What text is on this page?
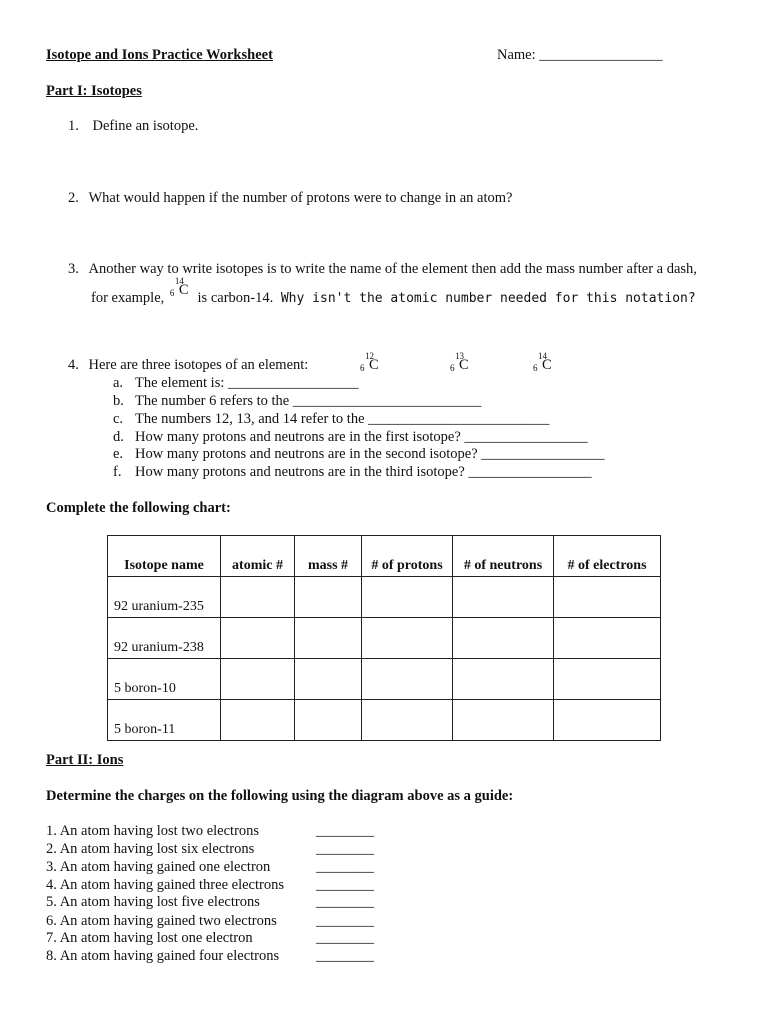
Isotope and Ions Practice Worksheet	Name: _________________
Part I: Isotopes
1. Define an isotope.
2. What would happen if the number of protons were to change in an atom?
3. Another way to write isotopes is to write the name of the element then add the mass number after a dash,
for example,
14
6 C is carbon-14. Why isn't the atomic number needed for this notation?
4. Here are three isotopes of an element:
12
6 C
13
6 C
14
6 C
a. The element is: __________________
b. The number 6 refers to the __________________________
c. The numbers 12, 13, and 14 refer to the _________________________
d. How many protons and neutrons are in the first isotope? _________________
e. How many protons and neutrons are in the second isotope? _________________
f. How many protons and neutrons are in the third isotope? _________________
Complete the following chart:
Isotope name	atomic #	mass #	# of protons	# of neutrons	# of electrons
92 uranium-235					
92 uranium-238					
5 boron-10					
5 boron-11					
Part II: Ions
Determine the charges on the following using the diagram above as a guide:
1. An atom having lost two electrons	________
2. An atom having lost six electrons	________
3. An atom having gained one electron	________
4. An atom having gained three electrons ________
5. An atom having lost five electrons	________
6. An atom having gained two electrons	________
7. An atom having lost one electron	________
8. An atom having gained four electrons	________
